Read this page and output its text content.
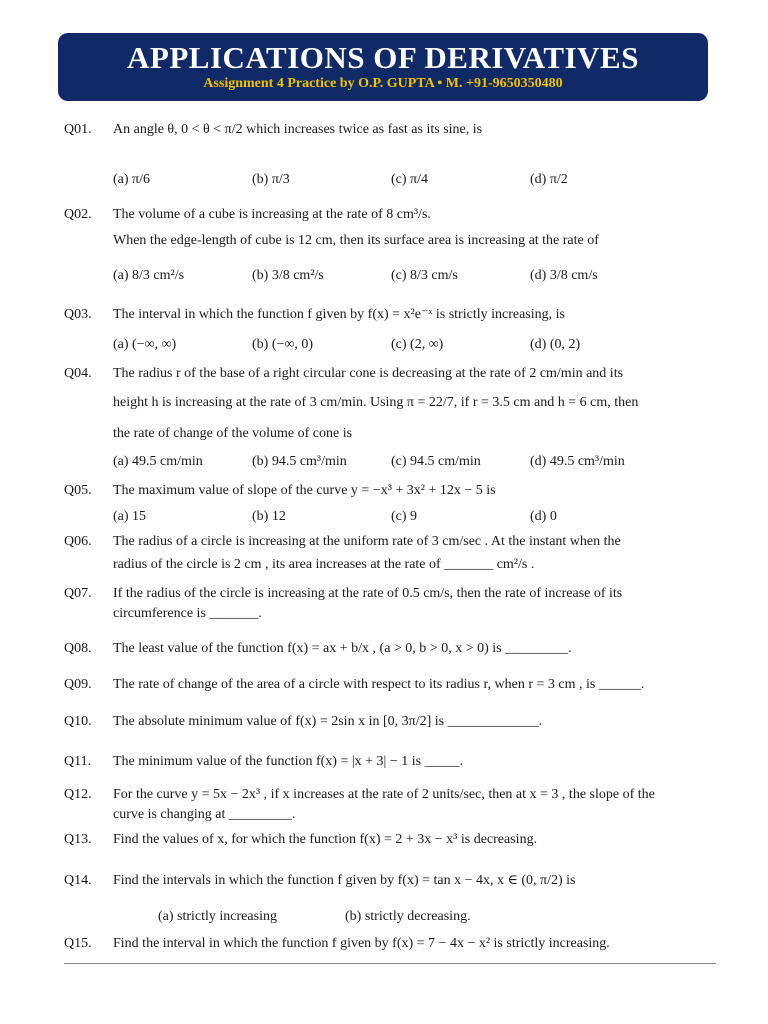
APPLICATIONS OF DERIVATIVES
Assignment 4 Practice by O.P. GUPTA • M. +91-9650350480
Q01. An angle θ, 0 < θ < π/2 which increases twice as fast as its sine, is
(a) π/6	(b) π/3	(c) π/4	(d) π/2
Q02. The volume of a cube is increasing at the rate of 8 cm³/s.
When the edge-length of cube is 12 cm, then its surface area is increasing at the rate of
(a) 8/3 cm²/s	(b) 3/8 cm²/s	(c) 8/3 cm/s	(d) 3/8 cm/s
Q03. The interval in which the function f given by f(x) = x²e⁻ˣ is strictly increasing, is
(a) (−∞, ∞)	(b) (−∞, 0)	(c) (2, ∞)	(d) (0, 2)
Q04. The radius r of the base of a right circular cone is decreasing at the rate of 2 cm/min and its
height h is increasing at the rate of 3 cm/min. Using π = 22/7, if r = 3.5 cm and h = 6 cm, then
the rate of change of the volume of cone is
(a) 49.5 cm/min	(b) 94.5 cm³/min	(c) 94.5 cm/min	(d) 49.5 cm³/min
Q05. The maximum value of slope of the curve y = −x³ + 3x² + 12x − 5 is
(a) 15	(b) 12	(c) 9	(d) 0
Q06. The radius of a circle is increasing at the uniform rate of 3 cm/sec . At the instant when the
radius of the circle is 2 cm , its area increases at the rate of _______ cm²/s .
Q07. If the radius of the circle is increasing at the rate of 0.5 cm/s, then the rate of increase of its
circumference is _______.
Q08. The least value of the function f(x) = ax + b/x , (a > 0, b > 0, x > 0) is _________.
Q09. The rate of change of the area of a circle with respect to its radius r, when r = 3 cm , is ______.
Q10. The absolute minimum value of f(x) = 2sin x in [0, 3π/2] is _____________.
Q11. The minimum value of the function f(x) = |x + 3| − 1 is _____.
Q12. For the curve y = 5x − 2x³ , if x increases at the rate of 2 units/sec, then at x = 3 , the slope of the
curve is changing at _________.
Q13. Find the values of x, for which the function f(x) = 2 + 3x − x³ is decreasing.
Q14. Find the intervals in which the function f given by f(x) = tan x − 4x, x ∈ (0, π/2) is
(a) strictly increasing	(b) strictly decreasing.
Q15. Find the interval in which the function f given by f(x) = 7 − 4x − x² is strictly increasing.
